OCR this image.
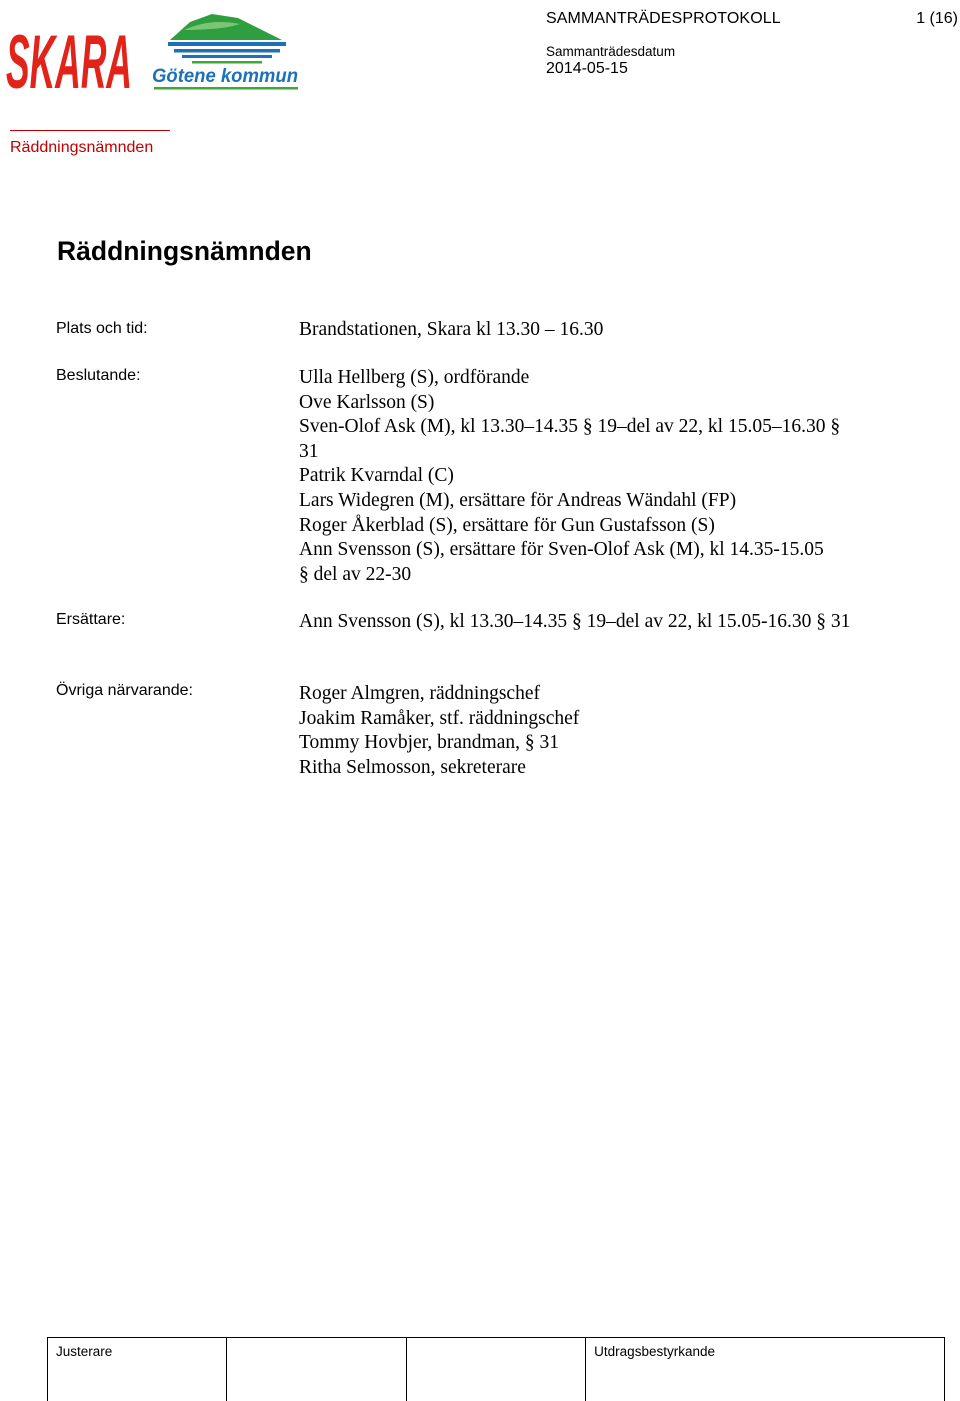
SKARA Götene kommun
SAMMANTRÄDESPROTOKOLL	1 (16)
Sammanträdesdatum
2014-05-15
Räddningsnämnden
Räddningsnämnden
Plats och tid:	Brandstationen, Skara kl 13.30 – 16.30
Beslutande:	Ulla Hellberg (S), ordförande
Ove Karlsson (S)
Sven-Olof Ask (M), kl 13.30–14.35 § 19–del av 22, kl 15.05–16.30 §
31
Patrik Kvarndal (C)
Lars Widegren (M), ersättare för Andreas Wändahl (FP)
Roger Åkerblad (S), ersättare för Gun Gustafsson (S)
Ann Svensson (S), ersättare för Sven-Olof Ask (M), kl 14.35-15.05
§ del av 22-30
Ersättare:	Ann Svensson (S), kl 13.30–14.35 § 19–del av 22, kl 15.05-16.30 § 31
Övriga närvarande:	Roger Almgren, räddningschef
Joakim Ramåker, stf. räddningschef
Tommy Hovbjer, brandman, § 31
Ritha Selmosson, sekreterare
Justerare			Utdragsbestyrkande
